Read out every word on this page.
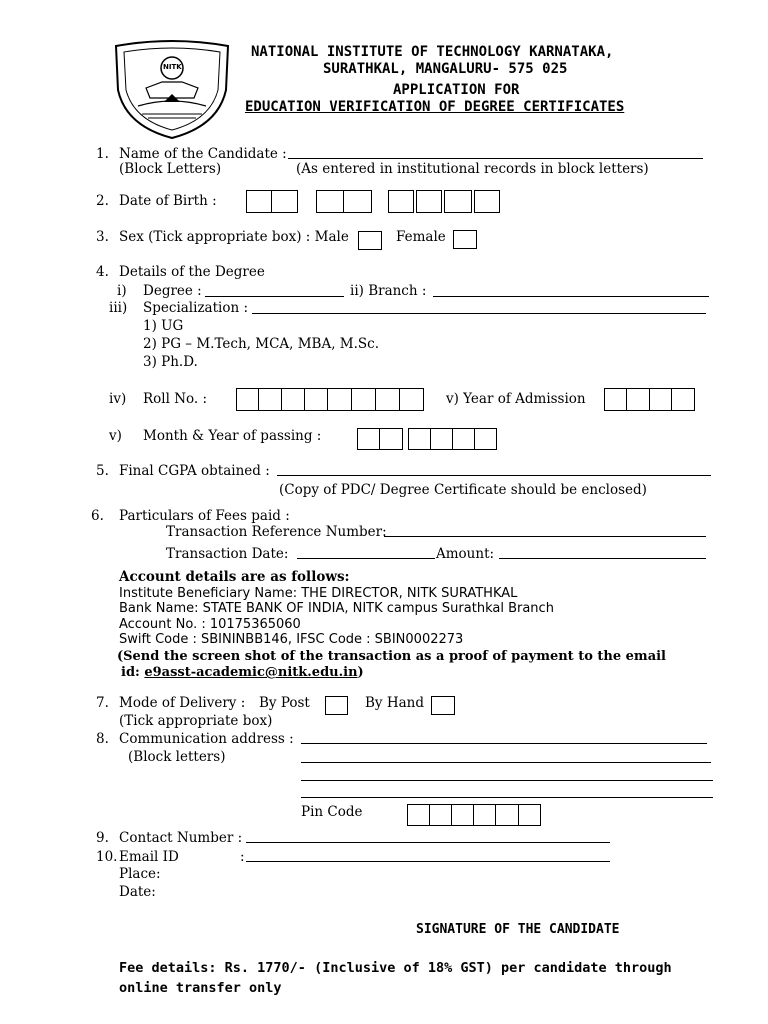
NITK
NATIONAL INSTITUTE OF TECHNOLOGY KARNATAKA,
SURATHKAL, MANGALURU- 575 025
APPLICATION FOR
EDUCATION VERIFICATION OF DEGREE CERTIFICATES
1. Name of the Candidate :
(Block Letters)	(As entered in institutional records in block letters)
2. Date of Birth :
3. Sex (Tick appropriate box) : Male	Female
4. Details of the Degree
i) Degree :	ii) Branch :
iii) Specialization :
1) UG
2) PG – M.Tech, MCA, MBA, M.Sc.
3) Ph.D.
iv) Roll No. :	v) Year of Admission
v) Month & Year of passing :
5. Final CGPA obtained :
(Copy of PDC/ Degree Certificate should be enclosed)
6. Particulars of Fees paid :
Transaction Reference Number:
Transaction Date:	Amount:
Account details are as follows:
Institute Beneficiary Name: THE DIRECTOR, NITK SURATHKAL
Bank Name: STATE BANK OF INDIA, NITK campus Surathkal Branch
Account No. : 10175365060
Swift Code : SBININBB146, IFSC Code : SBIN0002273
(Send the screen shot of the transaction as a proof of payment to the email
id: e9asst-academic@nitk.edu.in)
7. Mode of Delivery : By Post	By Hand
(Tick appropriate box)
8. Communication address :
(Block letters)
Pin Code
9. Contact Number :
10. Email ID	:
Place:
Date:
SIGNATURE OF THE CANDIDATE
Fee details: Rs. 1770/- (Inclusive of 18% GST) per candidate through
online transfer only
